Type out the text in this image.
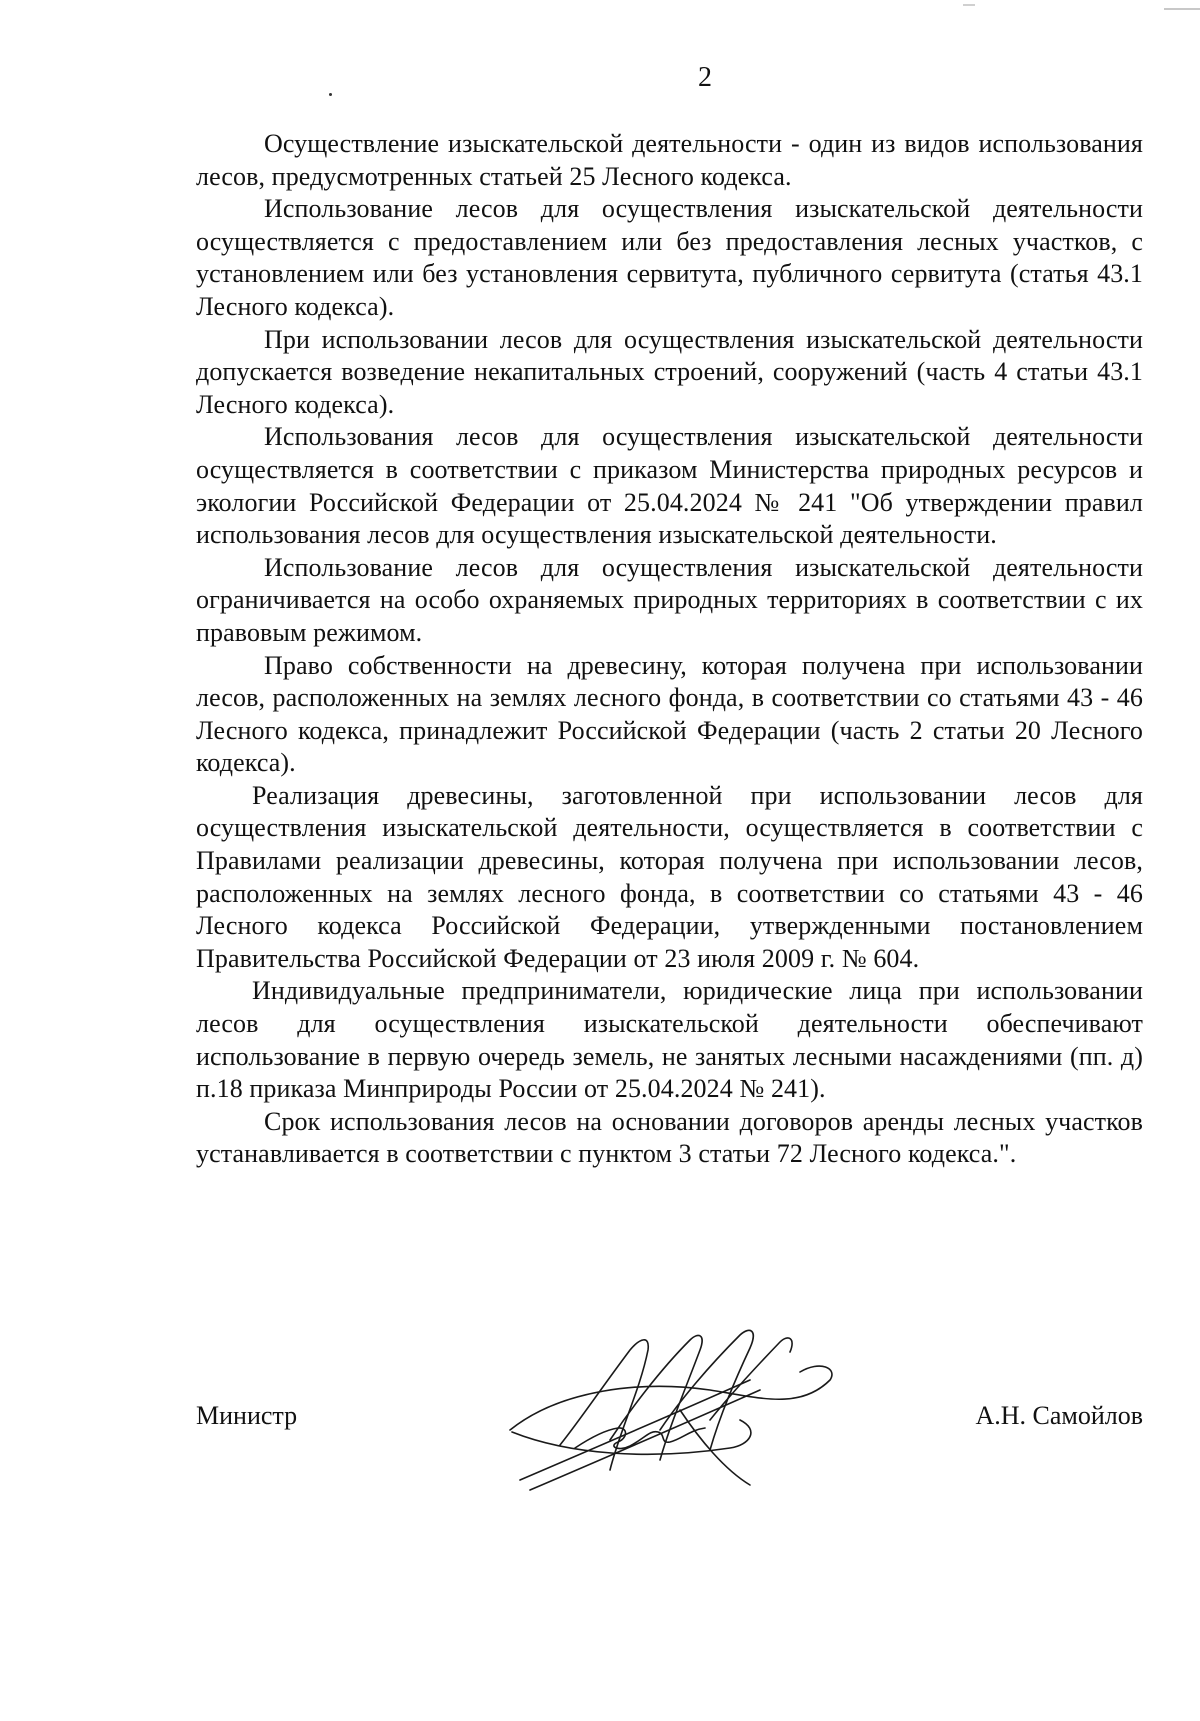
2

Осуществление изыскательской деятельности - один из видов использования лесов, предусмотренных статьей 25 Лесного кодекса.

Использование лесов для осуществления изыскательской деятельности осуществляется с предоставлением или без предоставления лесных участков, с установлением или без установления сервитута, публичного сервитута (статья 43.1 Лесного кодекса).

При использовании лесов для осуществления изыскательской деятельности допускается возведение некапитальных строений, сооружений (часть 4 статьи 43.1 Лесного кодекса).

Использования лесов для осуществления изыскательской деятельности осуществляется в соответствии с приказом Министерства природных ресурсов и экологии Российской Федерации от 25.04.2024 № 241 "Об утверждении правил использования лесов для осуществления изыскательской деятельности.

Использование лесов для осуществления изыскательской деятельности ограничивается на особо охраняемых природных территориях в соответствии с их правовым режимом.

Право собственности на древесину, которая получена при использовании лесов, расположенных на землях лесного фонда, в соответствии со статьями 43 - 46 Лесного кодекса, принадлежит Российской Федерации (часть 2 статьи 20 Лесного кодекса).

Реализация древесины, заготовленной при использовании лесов для осуществления изыскательской деятельности, осуществляется в соответствии с Правилами реализации древесины, которая получена при использовании лесов, расположенных на землях лесного фонда, в соответствии со статьями 43 - 46 Лесного кодекса Российской Федерации, утвержденными постановлением Правительства Российской Федерации от 23 июля 2009 г. № 604.

Индивидуальные предприниматели, юридические лица при использовании лесов для осуществления изыскательской деятельности обеспечивают использование в первую очередь земель, не занятых лесными насаждениями (пп. д) п.18 приказа Минприроды России от 25.04.2024 № 241).

Срок использования лесов на основании договоров аренды лесных участков устанавливается в соответствии с пунктом 3 статьи 72 Лесного кодекса.".

Министр	А.Н. Самойлов
